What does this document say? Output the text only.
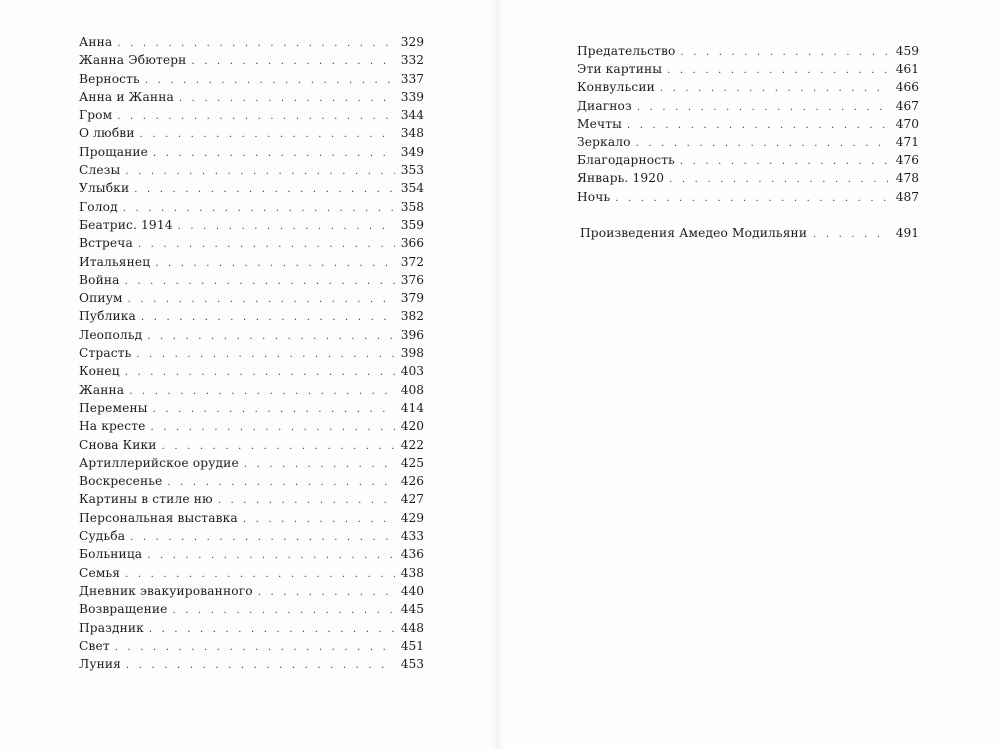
Анна . . .	329
Жанна Эбютерн . . .	332
Верность . . .	337
Анна и Жанна . . .	339
Гром . . .	344
О любви . . .	348
Прощание . . .	349
Слезы . . .	353
Улыбки . . .	354
Голод . . .	358
Беатрис. 1914 . . .	359
Встреча . . .	366
Итальянец . . .	372
Война . . .	376
Опиум . . .	379
Публика . . .	382
Леопольд . . .	396
Страсть . . .	398
Конец . . .	403
Жанна . . .	408
Перемены . . .	414
На кресте . . .	420
Снова Кики . . .	422
Артиллерийское орудие . . .	425
Воскресенье . . .	426
Картины в стиле ню . . .	427
Персональная выставка . . .	429
Судьба . . .	433
Больница . . .	436
Семья . . .	438
Дневник эвакуированного . . .	440
Возвращение . . .	445
Праздник . . .	448
Свет . . .	451
Луния . . .	453
Предательство . . .	459
Эти картины . . .	461
Конвульсии . . .	466
Диагноз . . .	467
Мечты . . .	470
Зеркало . . .	471
Благодарность . . .	476
Январь. 1920 . . .	478
Ночь . . .	487
Произведения Амедео Модильяни . . .	491
